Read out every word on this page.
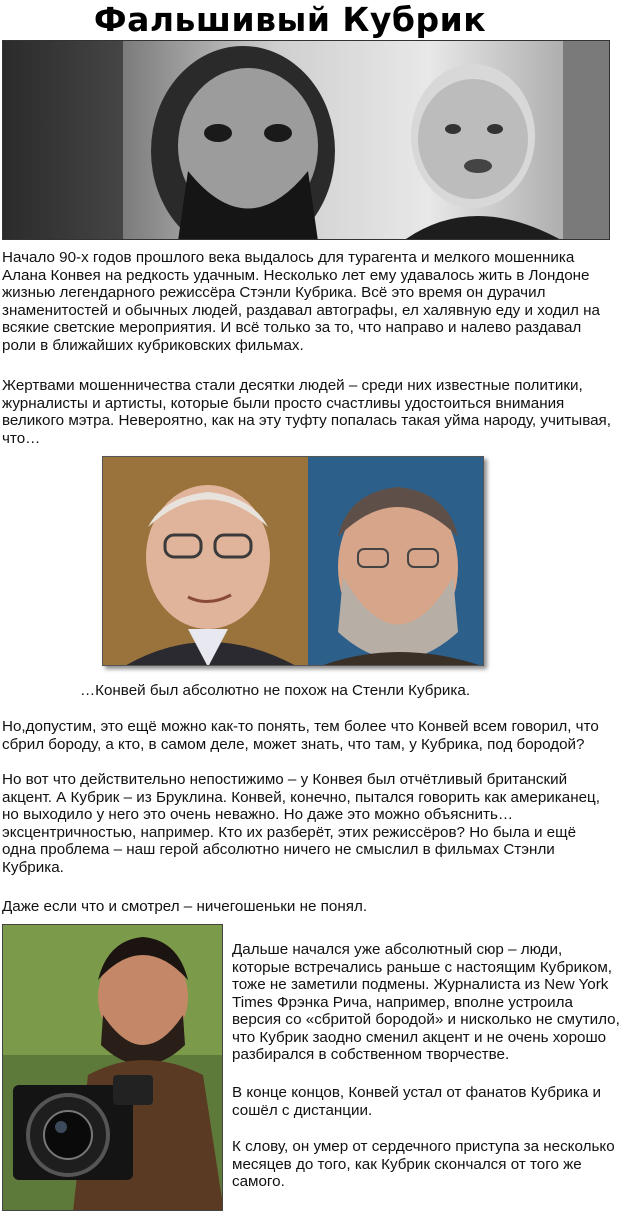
Фальшивый Кубрик

Начало 90-х годов прошлого века выдалось для турагента и мелкого мошенника Алана Конвея на редкость удачным. Несколько лет ему удавалось жить в Лондоне жизнью легендарного режиссёра Стэнли Кубрика. Всё это время он дурачил знаменитостей и обычных людей, раздавал автографы, ел халявную еду и ходил на всякие светские мероприятия. И всё только за то, что направо и налево раздавал роли в ближайших кубриковских фильмах.

Жертвами мошенничества стали десятки людей – среди них известные политики, журналисты и артисты, которые были просто счастливы удостоиться внимания великого мэтра. Невероятно, как на эту туфту попалась такая уйма народу, учитывая, что…

…Конвей был абсолютно не похож на Стенли Кубрика.

Но,допустим, это ещё можно как-то понять, тем более что Конвей всем говорил, что сбрил бороду, а кто, в самом деле, может знать, что там, у Кубрика, под бородой?

Но вот что действительно непостижимо – у Конвея был отчётливый британский акцент. А Кубрик – из Бруклина. Конвей, конечно, пытался говорить как американец, но выходило у него это очень неважно. Но даже это можно объяснить… эксцентричностью, например. Кто их разберёт, этих режиссёров? Но была и ещё одна проблема – наш герой абсолютно ничего не смыслил в фильмах Стэнли Кубрика.

Даже если что и смотрел – ничегошеньки не понял.

Дальше начался уже абсолютный сюр – люди, которые встречались раньше с настоящим Кубриком, тоже не заметили подмены. Журналиста из New York Times Фрэнка Рича, например, вполне устроила версия со «сбритой бородой» и нисколько не смутило, что Кубрик заодно сменил акцент и не очень хорошо разбирался в собственном творчестве.

В конце концов, Конвей устал от фанатов Кубрика и сошёл с дистанции.

К слову, он умер от сердечного приступа за несколько месяцев до того, как Кубрик скончался от того же самого.
